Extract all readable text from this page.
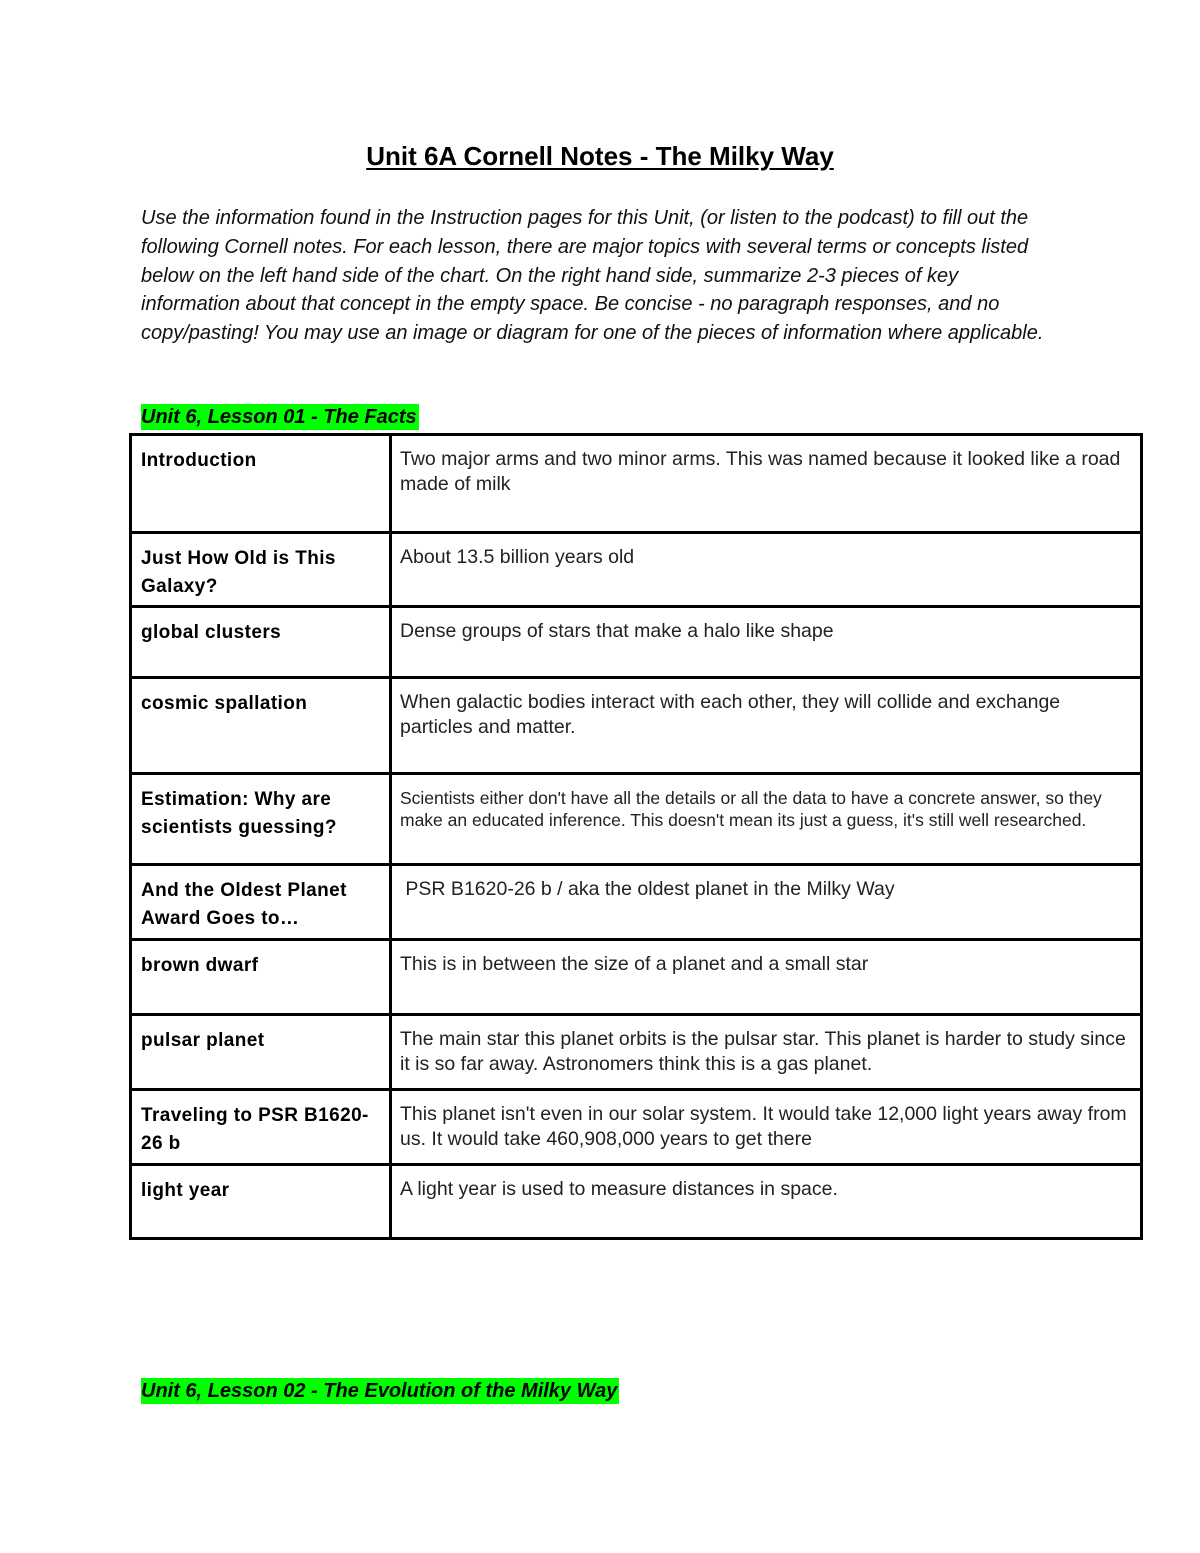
Unit 6A Cornell Notes - The Milky Way
Use the information found in the Instruction pages for this Unit, (or listen to the podcast) to fill out the following Cornell notes. For each lesson, there are major topics with several terms or concepts listed below on the left hand side of the chart. On the right hand side, summarize 2-3 pieces of key information about that concept in the empty space. Be concise - no paragraph responses, and no copy/pasting! You may use an image or diagram for one of the pieces of information where applicable.
Unit 6, Lesson 01 - The Facts
Introduction	Two major arms and two minor arms. This was named because it looked like a road made of milk
Just How Old is This Galaxy?	About 13.5 billion years old
global clusters	Dense groups of stars that make a halo like shape
cosmic spallation	When galactic bodies interact with each other, they will collide and exchange particles and matter.
Estimation: Why are scientists guessing?	Scientists either don't have all the details or all the data to have a concrete answer, so they make an educated inference. This doesn't mean its just a guess, it's still well researched.
And the Oldest Planet Award Goes to…	PSR B1620-26 b / aka the oldest planet in the Milky Way
brown dwarf	This is in between the size of a planet and a small star
pulsar planet	The main star this planet orbits is the pulsar star. This planet is harder to study since it is so far away. Astronomers think this is a gas planet.
Traveling to PSR B1620-26 b	This planet isn't even in our solar system. It would take 12,000 light years away from us. It would take 460,908,000 years to get there
light year	A light year is used to measure distances in space.
Unit 6, Lesson 02 - The Evolution of the Milky Way
